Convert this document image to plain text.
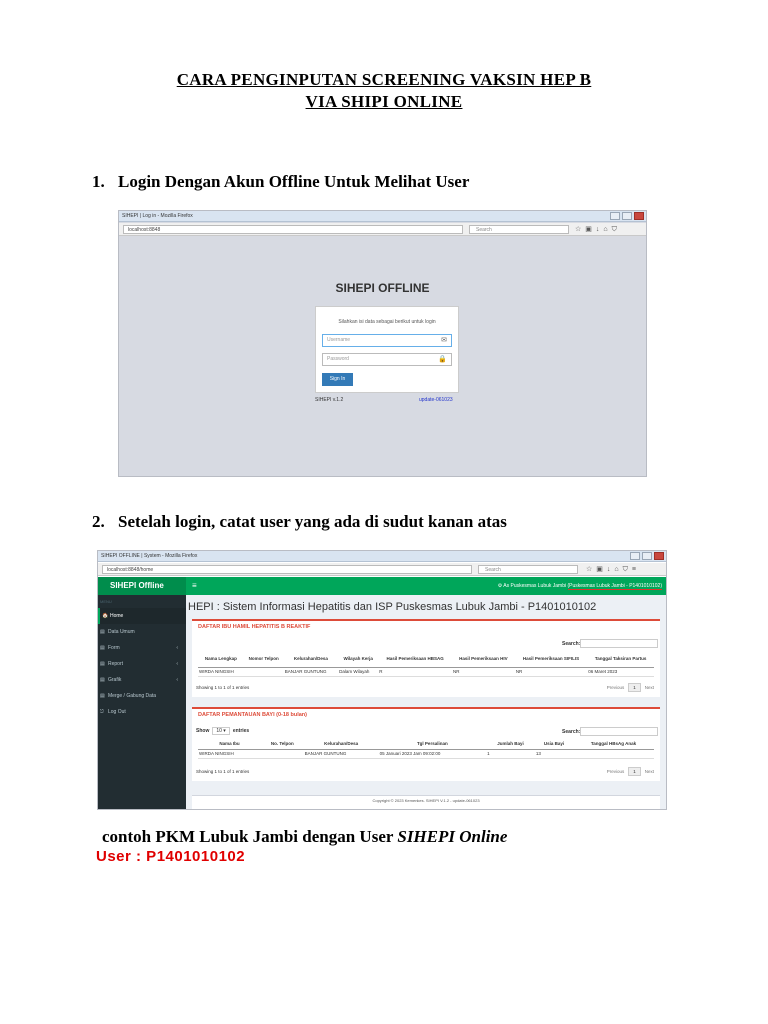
CARA PENGINPUTAN SCREENING VAKSIN HEP B
VIA SHIPI ONLINE
1. Login Dengan Akun Offline Untuk Melihat User
SIHEPI | Log in - Mozilla Firefox
localhost:8848	Search	☆▣↓⌂⛉
SIHEPI OFFLINE
Silahkan isi data sebagai berikut untuk login
Username	✉
Password	🔒
Sign In
SIHEPI v.1.2	update-061023
2. Setelah login, catat user yang ada di sudut kanan atas
SIHEPI OFFLINE | System - Mozilla Firefox
localhost:8848/home	Search	☆▣↓⌂⛉≡
SIHEPI Offline	≡	⚙ As Puskesmas Lubuk Jambi (Puskesmas Lubuk Jambi - P1401010102)
MENU
🏠 Home
▤ Data Umum
▤ Form	‹
▤ Report	‹
▤ Grafik	‹
▤ Merge / Gabung Data
⎋ Log Out
HEPI : Sistem Informasi Hepatitis dan ISP Puskesmas Lubuk Jambi - P1401010102
DAFTAR IBU HAMIL HEPATITIS B REAKTIF
Search:
Nama Lengkap	Nomor Telpon	Kelurahan/Desa	Wilayah Kerja	Hasil Pemeriksaan HBSAG	Hasil Pemeriksaan HIV	Hasil Pemeriksaan SIFILIS	Tanggal Taksiran Partus
WIRDA NINGSIH		BANJAR GUNTUNG	Dalam Wilayah	R	NR	NR	06 Maret 2023
Showing 1 to 1 of 1 entries	Previous	1	Next
DAFTAR PEMANTAUAN BAYI (0-18 bulan)
Show 10 ▾ entries	Search:
Nama Ibu	No. Telpon	Kelurahan/Desa	Tgl Persalinan	Jumlah Bayi	Usia Bayi	Tanggal HBsAg Anak
WIRDA NINGSIH		BANJAR GUNTUNG	05 Januari 2023 Jam 09:02:00	1	13	
Showing 1 to 1 of 1 entries	Previous	1	Next
Copyright © 2023 Kemenkes. SIHEPI V.1.2 - update-061023
contoh PKM Lubuk Jambi dengan User SIHEPI Online
User : P1401010102
